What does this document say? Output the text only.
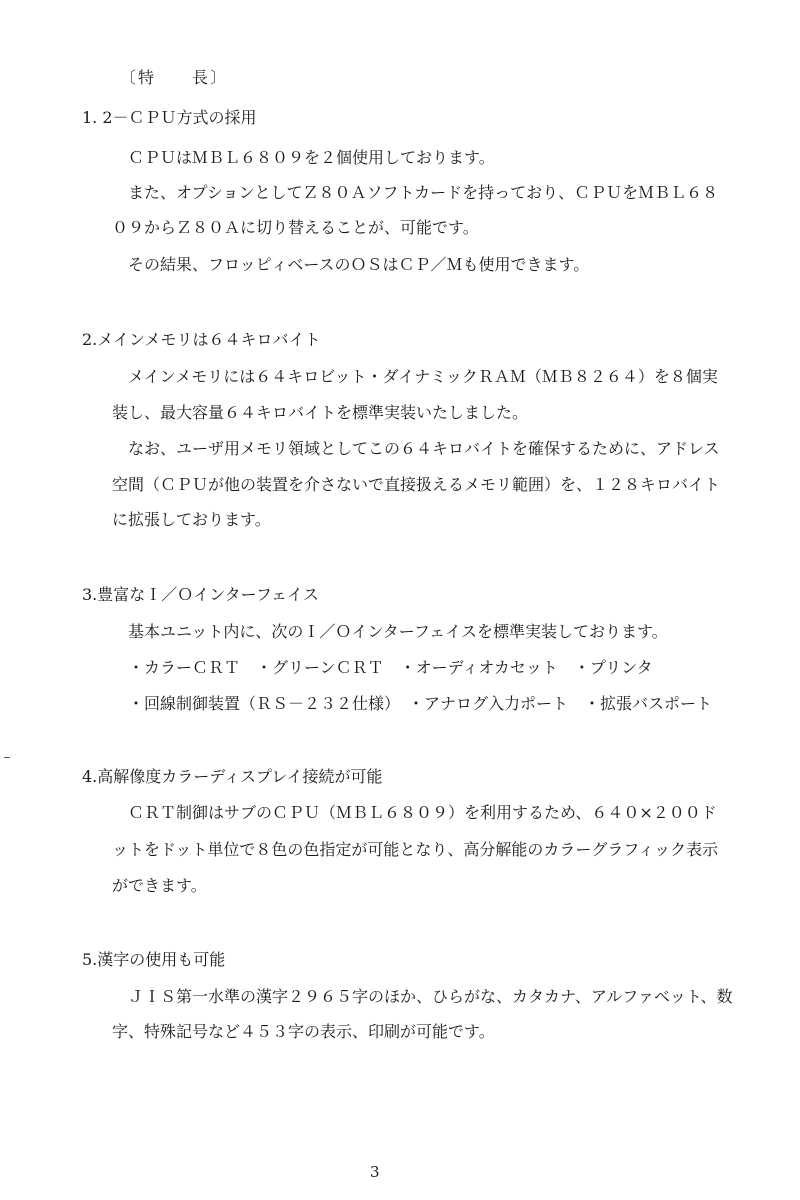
〔特　　長〕
1. 2－ＣＰＵ方式の採用
ＣＰＵはＭＢＬ６８０９を２個使用しております。
また、オプションとしてＺ８０Ａソフトカードを持っており、ＣＰＵをＭＢＬ６８
０９からＺ８０Ａに切り替えることが、可能です。
その結果、フロッピィベースのＯＳはＣＰ／Ｍも使用できます。
2.メインメモリは６４キロバイト
メインメモリには６４キロビット・ダイナミックＲＡＭ（ＭＢ８２６４）を８個実
装し、最大容量６４キロバイトを標準実装いたしました。
なお、ユーザ用メモリ領域としてこの６４キロバイトを確保するために、アドレス
空間（ＣＰＵが他の装置を介さないで直接扱えるメモリ範囲）を、１２８キロバイト
に拡張しております。
3.豊富なＩ／Ｏインターフェイス
基本ユニット内に、次のＩ／Ｏインターフェイスを標準実装しております。
・カラーＣＲＴ　・グリーンＣＲＴ　・オーディオカセット　・プリンタ
・回線制御装置（ＲＳ－２３２仕様）　・アナログ入力ポート　・拡張バスポート
4.高解像度カラーディスプレイ接続が可能
ＣＲＴ制御はサブのＣＰＵ（ＭＢＬ６８０９）を利用するため、６４０×２００ド
ットをドット単位で８色の色指定が可能となり、高分解能のカラーグラフィック表示
ができます。
5.漢字の使用も可能
ＪＩＳ第一水準の漢字２９６５字のほか、ひらがな、カタカナ、アルファベット、数
字、特殊記号など４５３字の表示、印刷が可能です。
3
